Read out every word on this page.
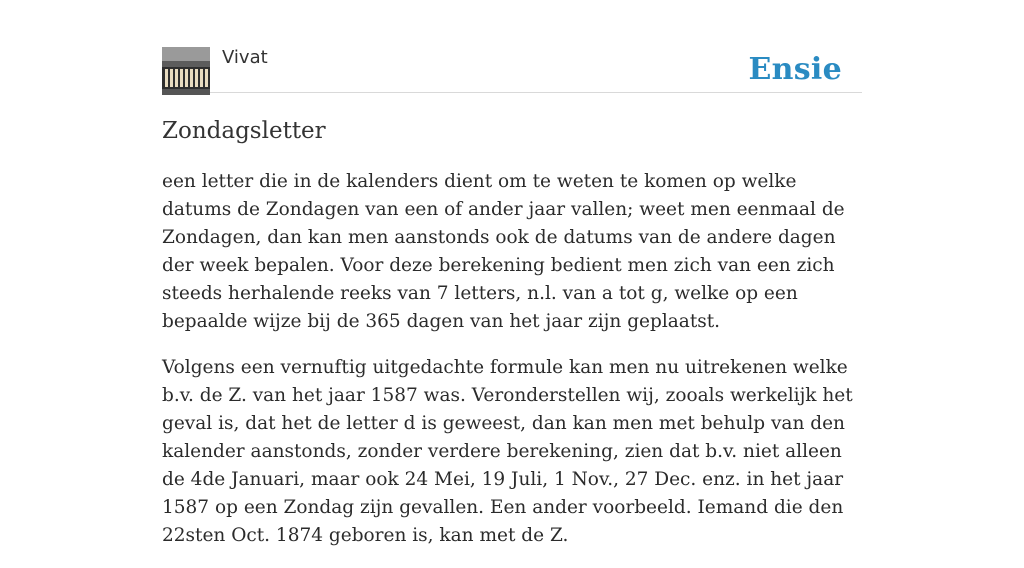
Vivat	Ensie
Zondagsletter

een letter die in de kalenders dient om te weten te komen op welke datums de Zondagen van een of ander jaar vallen; weet men eenmaal de Zondagen, dan kan men aanstonds ook de datums van de andere dagen der week bepalen. Voor deze berekening bedient men zich van een zich steeds herhalende reeks van 7 letters, n.l. van a tot g, welke op een bepaalde wijze bij de 365 dagen van het jaar zijn geplaatst.

Volgens een vernuftig uitgedachte formule kan men nu uitrekenen welke b.v. de Z. van het jaar 1587 was. Veronderstellen wij, zooals werkelijk het geval is, dat het de letter d is geweest, dan kan men met behulp van den kalender aanstonds, zonder verdere berekening, zien dat b.v. niet alleen de 4de Januari, maar ook 24 Mei, 19 Juli, 1 Nov., 27 Dec. enz. in het jaar 1587 op een Zondag zijn gevallen. Een ander voorbeeld. Iemand die den 22sten Oct. 1874 geboren is, kan met de Z.
